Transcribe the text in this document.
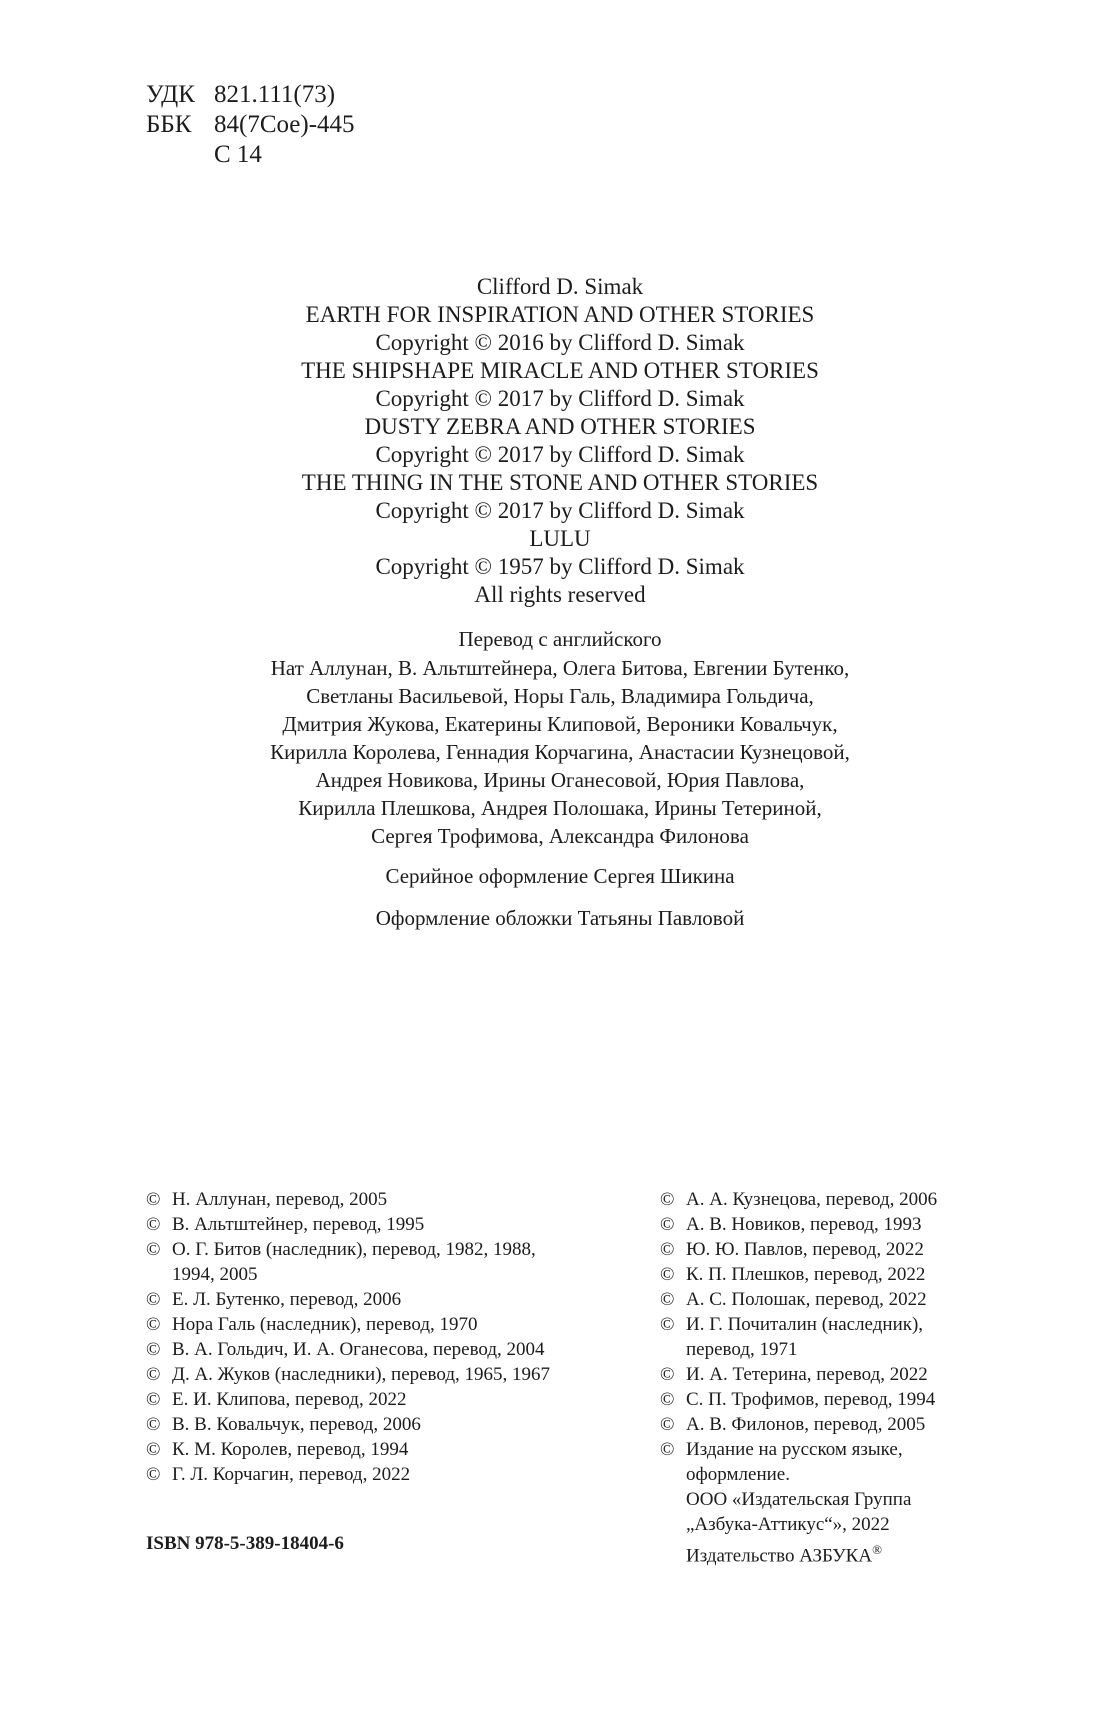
УДК 821.111(73)
ББК 84(7Сое)-445
С 14
Clifford D. Simak
EARTH FOR INSPIRATION AND OTHER STORIES
Copyright © 2016 by Clifford D. Simak
THE SHIPSHAPE MIRACLE AND OTHER STORIES
Copyright © 2017 by Clifford D. Simak
DUSTY ZEBRA AND OTHER STORIES
Copyright © 2017 by Clifford D. Simak
THE THING IN THE STONE AND OTHER STORIES
Copyright © 2017 by Clifford D. Simak
LULU
Copyright © 1957 by Clifford D. Simak
All rights reserved
Перевод с английского
Нат Аллунан, В. Альтштейнера, Олега Битова, Евгении Бутенко,
Светланы Васильевой, Норы Галь, Владимира Гольдича,
Дмитрия Жукова, Екатерины Клиповой, Вероники Ковальчук,
Кирилла Королева, Геннадия Корчагина, Анастасии Кузнецовой,
Андрея Новикова, Ирины Оганесовой, Юрия Павлова,
Кирилла Плешкова, Андрея Полошака, Ирины Тетериной,
Сергея Трофимова, Александра Филонова
Серийное оформление Сергея Шикина
Оформление обложки Татьяны Павловой
© Н. Аллунан, перевод, 2005
© В. Альтштейнер, перевод, 1995
© О. Г. Битов (наследник), перевод, 1982, 1988,
1994, 2005
© Е. Л. Бутенко, перевод, 2006
© Нора Галь (наследник), перевод, 1970
© В. А. Гольдич, И. А. Оганесова, перевод, 2004
© Д. А. Жуков (наследники), перевод, 1965, 1967
© Е. И. Клипова, перевод, 2022
© В. В. Ковальчук, перевод, 2006
© К. М. Королев, перевод, 1994
© Г. Л. Корчагин, перевод, 2022
© А. А. Кузнецова, перевод, 2006
© А. В. Новиков, перевод, 1993
© Ю. Ю. Павлов, перевод, 2022
© К. П. Плешков, перевод, 2022
© А. С. Полошак, перевод, 2022
© И. Г. Почиталин (наследник),
перевод, 1971
© И. А. Тетерина, перевод, 2022
© С. П. Трофимов, перевод, 1994
© А. В. Филонов, перевод, 2005
© Издание на русском языке,
оформление.
ООО «Издательская Группа
„Азбука-Аттикус“», 2022
Издательство АЗБУКА®
ISBN 978-5-389-18404-6
